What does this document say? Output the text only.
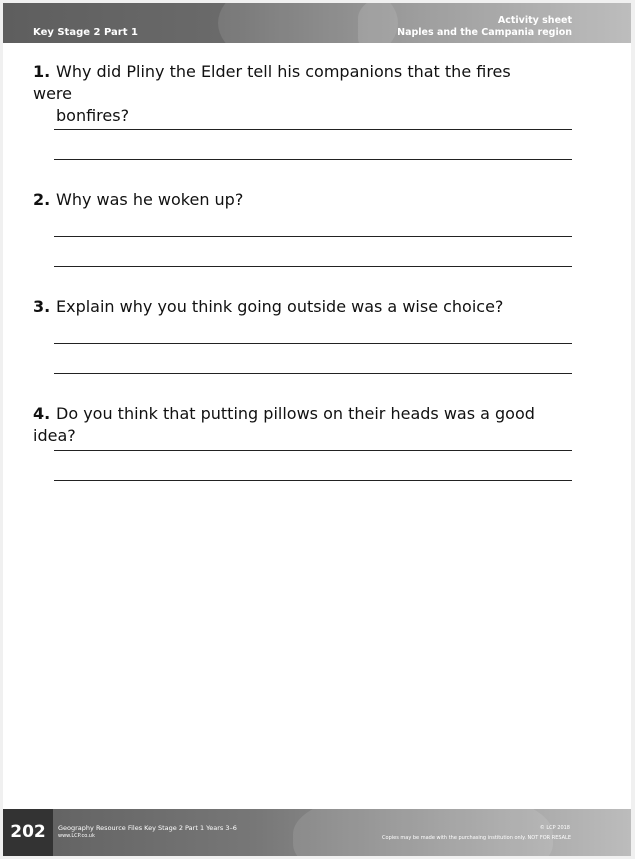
Key Stage 2 Part 1
Activity sheet
Naples and the Campania region
1. Why did Pliny the Elder tell his companions that the fires were
bonfires?
2. Why was he woken up?
3. Explain why you think going outside was a wise choice?
4. Do you think that putting pillows on their heads was a good idea?
202	Geography Resource Files Key Stage 2 Part 1 Years 3–6
www.LCP.co.uk
© LCP 2018
Copies may be made with the purchasing institution only. NOT FOR RESALE
